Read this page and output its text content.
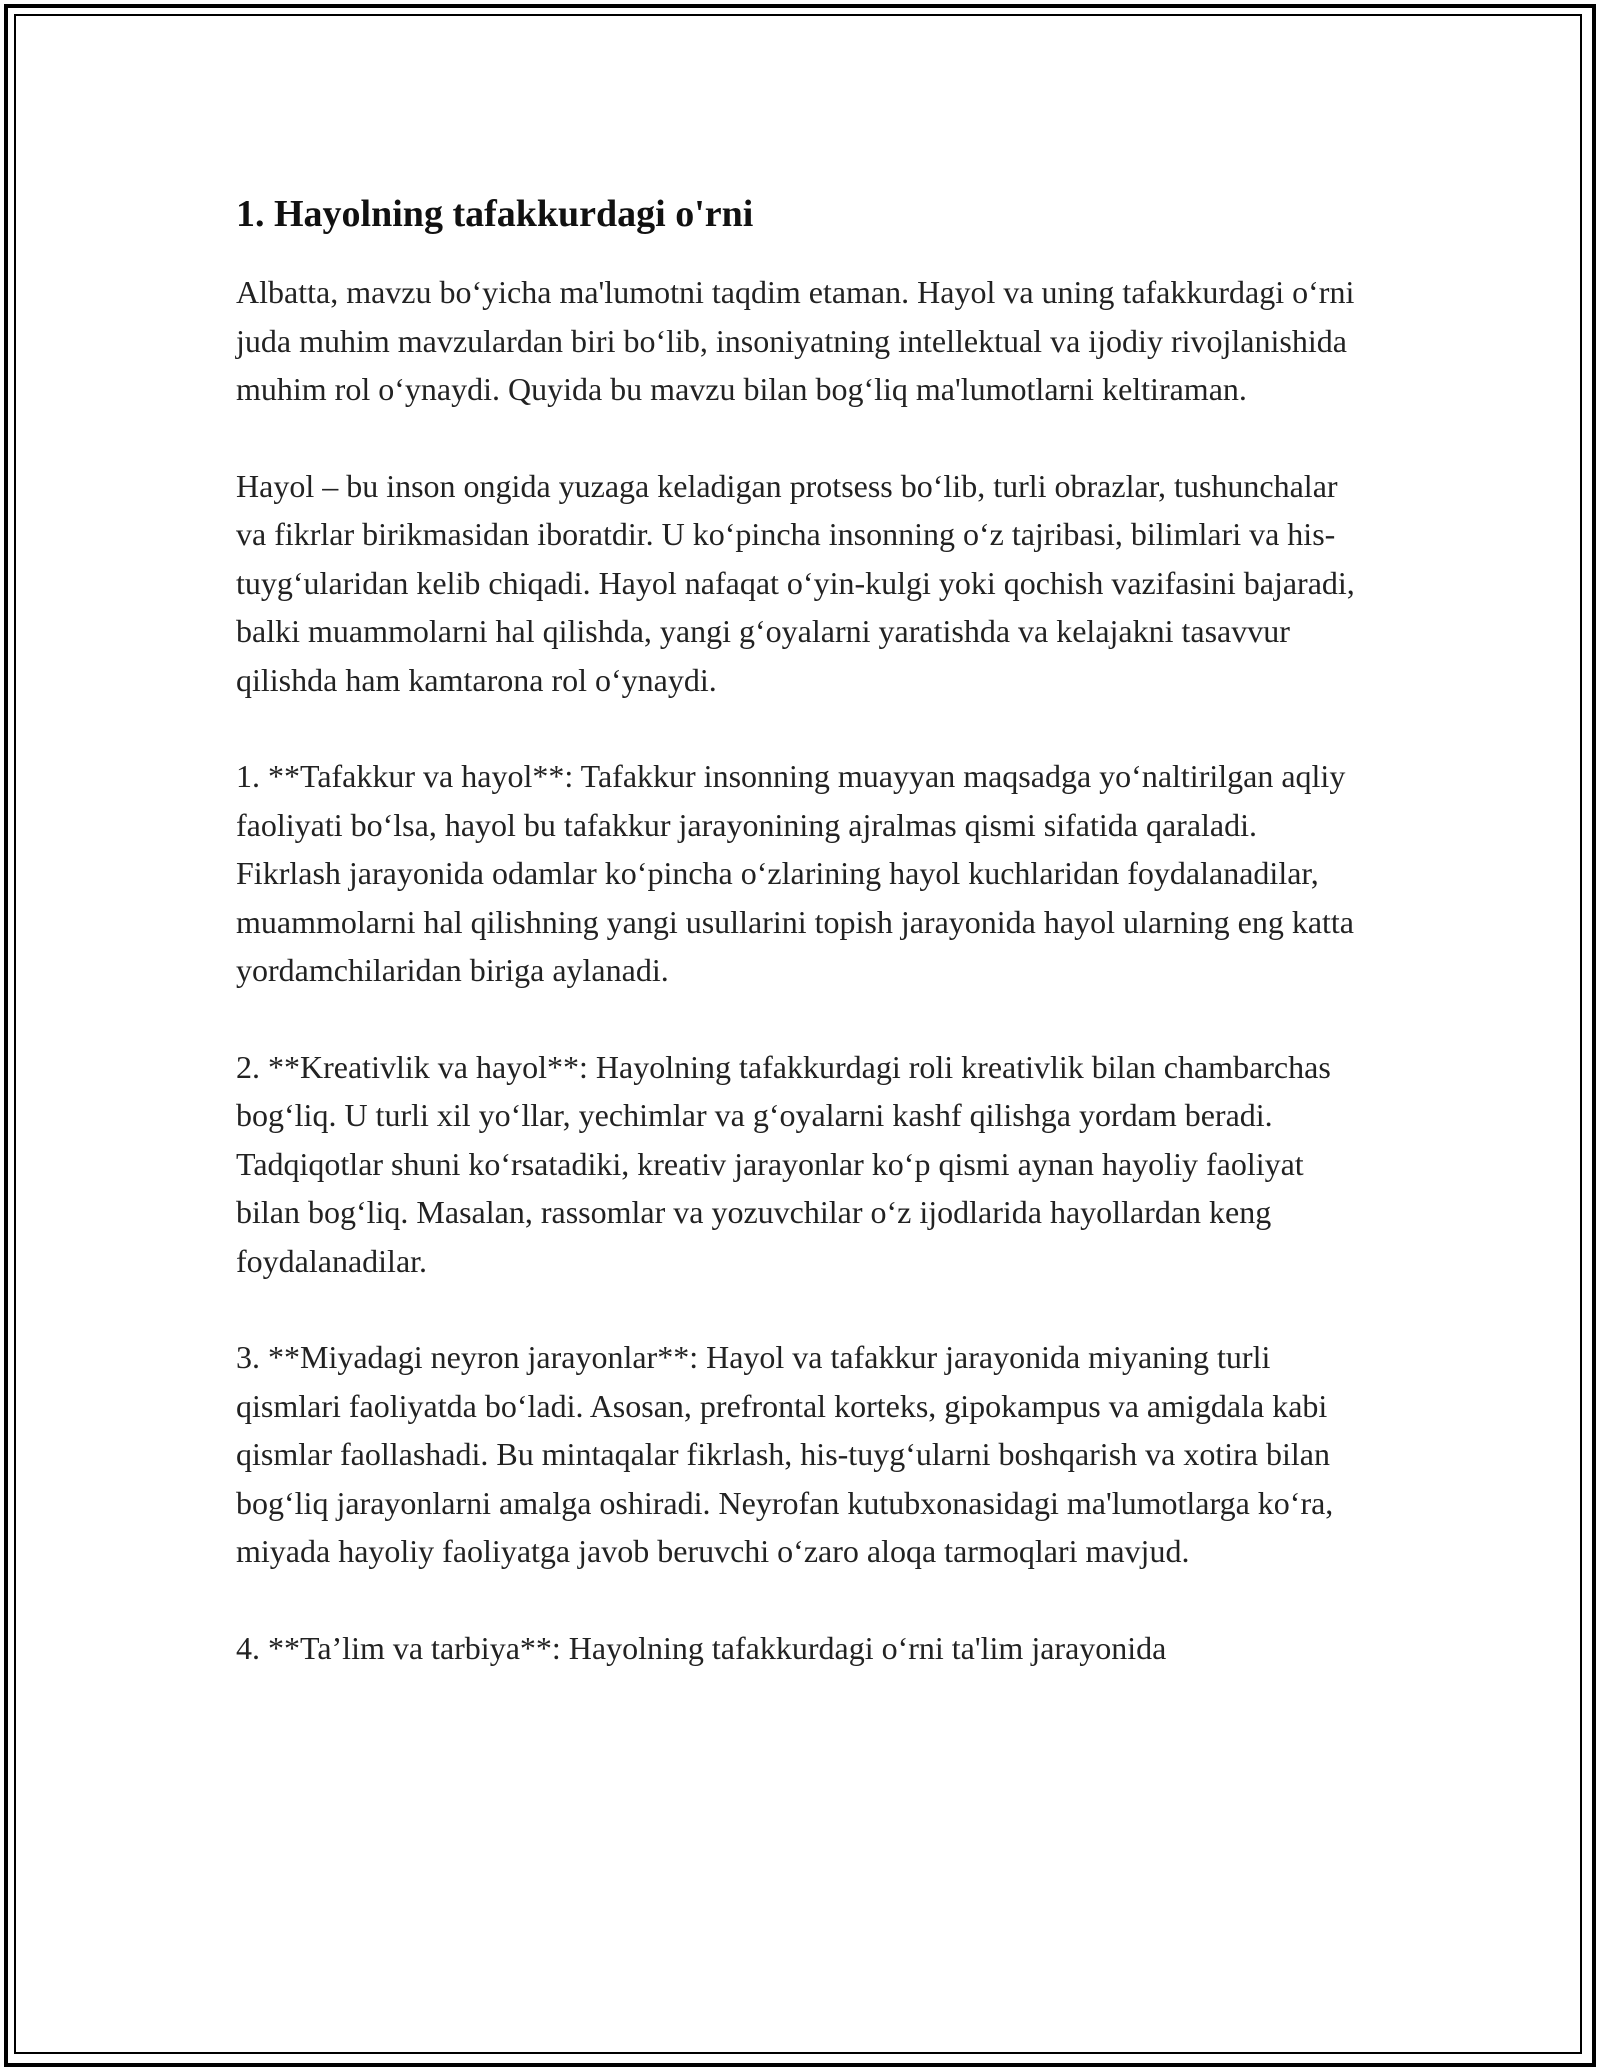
1. Hayolning tafakkurdagi o'rni

Albatta, mavzu bo‘yicha ma'lumotni taqdim etaman. Hayol va uning tafakkurdagi o‘rni juda muhim mavzulardan biri bo‘lib, insoniyatning intellektual va ijodiy rivojlanishida muhim rol o‘ynaydi. Quyida bu mavzu bilan bog‘liq ma'lumotlarni keltiraman.

Hayol – bu inson ongida yuzaga keladigan protsess bo‘lib, turli obrazlar, tushunchalar va fikrlar birikmasidan iboratdir. U ko‘pincha insonning o‘z tajribasi, bilimlari va his-tuyg‘ularidan kelib chiqadi. Hayol nafaqat o‘yin-kulgi yoki qochish vazifasini bajaradi, balki muammolarni hal qilishda, yangi g‘oyalarni yaratishda va kelajakni tasavvur qilishda ham kamtarona rol o‘ynaydi.

1. **Tafakkur va hayol**: Tafakkur insonning muayyan maqsadga yo‘naltirilgan aqliy faoliyati bo‘lsa, hayol bu tafakkur jarayonining ajralmas qismi sifatida qaraladi. Fikrlash jarayonida odamlar ko‘pincha o‘zlarining hayol kuchlaridan foydalanadilar, muammolarni hal qilishning yangi usullarini topish jarayonida hayol ularning eng katta yordamchilaridan biriga aylanadi.

2. **Kreativlik va hayol**: Hayolning tafakkurdagi roli kreativlik bilan chambarchas bog‘liq. U turli xil yo‘llar, yechimlar va g‘oyalarni kashf qilishga yordam beradi. Tadqiqotlar shuni ko‘rsatadiki, kreativ jarayonlar ko‘p qismi aynan hayoliy faoliyat bilan bog‘liq. Masalan, rassomlar va yozuvchilar o‘z ijodlarida hayollardan keng foydalanadilar.

3. **Miyadagi neyron jarayonlar**: Hayol va tafakkur jarayonida miyaning turli qismlari faoliyatda bo‘ladi. Asosan, prefrontal korteks, gipokampus va amigdala kabi qismlar faollashadi. Bu mintaqalar fikrlash, his-tuyg‘ularni boshqarish va xotira bilan bog‘liq jarayonlarni amalga oshiradi. Neyrofan kutubxonasidagi ma'lumotlarga ko‘ra, miyada hayoliy faoliyatga javob beruvchi o‘zaro aloqa tarmoqlari mavjud.

4. **Ta’lim va tarbiya**: Hayolning tafakkurdagi o‘rni ta'lim jarayonida
